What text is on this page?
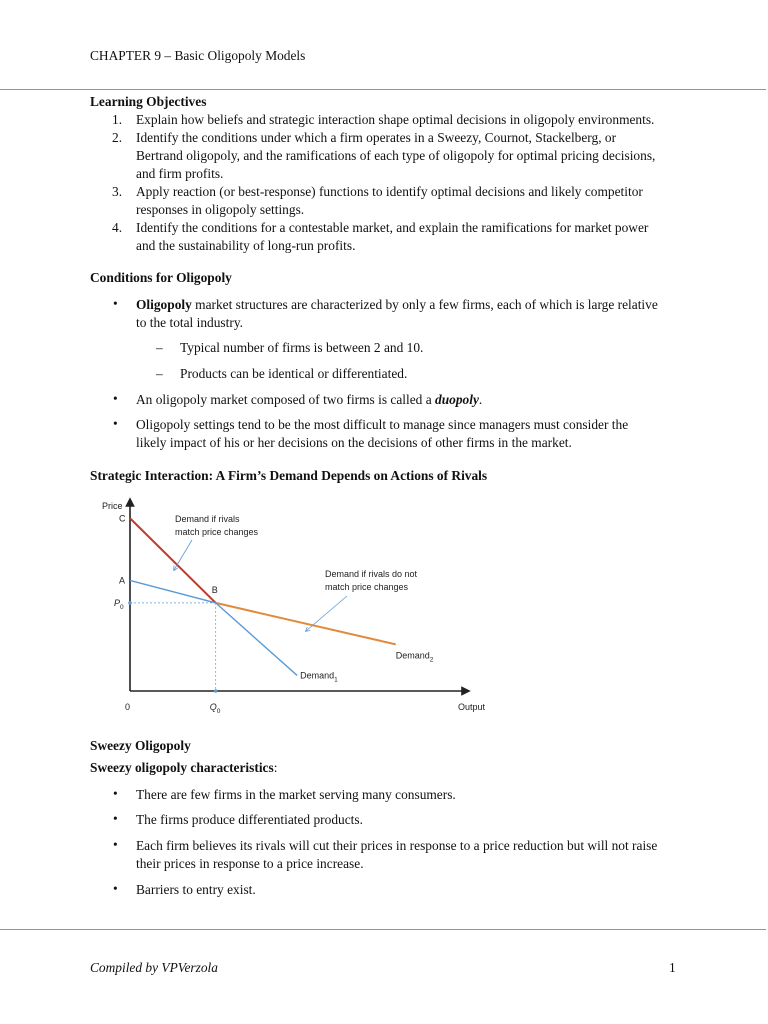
CHAPTER 9 – Basic Oligopoly Models
Learning Objectives
1. Explain how beliefs and strategic interaction shape optimal decisions in oligopoly environments.
2. Identify the conditions under which a firm operates in a Sweezy, Cournot, Stackelberg, or
Bertrand oligopoly, and the ramifications of each type of oligopoly for optimal pricing decisions,
and firm profits.
3. Apply reaction (or best-response) functions to identify optimal decisions and likely competitor
responses in oligopoly settings.
4. Identify the conditions for a contestable market, and explain the ramifications for market power
and the sustainability of long-run profits.
Conditions for Oligopoly
• Oligopoly market structures are characterized by only a few firms, each of which is large relative
to the total industry.
– Typical number of firms is between 2 and 10.
– Products can be identical or differentiated.
• An oligopoly market composed of two firms is called a duopoly.
• Oligopoly settings tend to be the most difficult to manage since managers must consider the
likely impact of his or her decisions on the decisions of other firms in the market.
Strategic Interaction: A Firm’s Demand Depends on Actions of Rivals
Price
Output
0	$Q_0$
$P_0$
C
A
B
Demand$_1$
Demand$_2$
Demand if rivals
match price changes
Demand if rivals do not
match price changes
Sweezy Oligopoly
Sweezy oligopoly characteristics:
• There are few firms in the market serving many consumers.
• The firms produce differentiated products.
• Each firm believes its rivals will cut their prices in response to a price reduction but will not raise
their prices in response to a price increase.
• Barriers to entry exist.
Compiled by VPVerzola	1
